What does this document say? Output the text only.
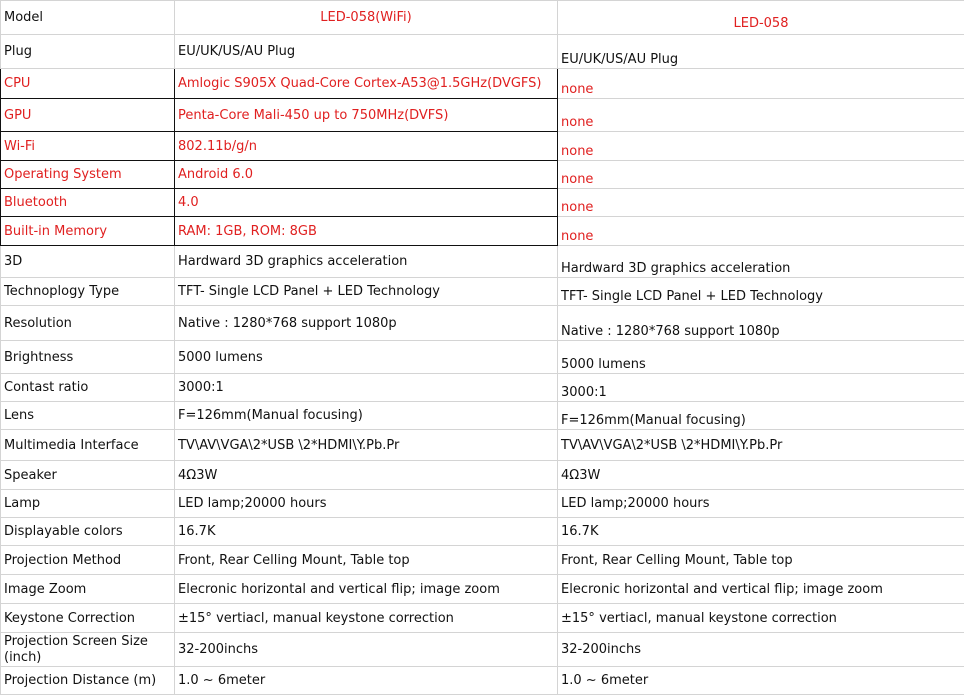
Model	LED-058(WiFi)	LED-058
Plug	EU/UK/US/AU Plug	EU/UK/US/AU Plug
CPU	Amlogic S905X Quad-Core Cortex-A53@1.5GHz(DVGFS)	none
GPU	Penta-Core Mali-450 up to 750MHz(DVFS)	none
Wi-Fi	802.11b/g/n	none
Operating System	Android 6.0	none
Bluetooth	4.0	none
Built-in Memory	RAM: 1GB, ROM: 8GB	none
3D	Hardward 3D graphics acceleration	Hardward 3D graphics acceleration
Technoplogy Type	TFT- Single LCD Panel + LED Technology	TFT- Single LCD Panel + LED Technology
Resolution	Native : 1280*768 support 1080p	Native : 1280*768 support 1080p
Brightness	5000 lumens	5000 lumens
Contast ratio	3000:1	3000:1
Lens	F=126mm(Manual focusing)	F=126mm(Manual focusing)
Multimedia Interface	TV\AV\VGA\2*USB \2*HDMI\Y.Pb.Pr	TV\AV\VGA\2*USB \2*HDMI\Y.Pb.Pr
Speaker	4Ω3W	4Ω3W
Lamp	LED lamp;20000 hours	LED lamp;20000 hours
Displayable colors	16.7K	16.7K
Projection Method	Front, Rear Celling Mount, Table top	Front, Rear Celling Mount, Table top
Image Zoom	Elecronic horizontal and vertical flip; image zoom	Elecronic horizontal and vertical flip; image zoom
Keystone Correction	±15° vertiacl, manual keystone correction	±15° vertiacl, manual keystone correction

Projection Screen Size (inch)	32-200inchs	32-200inchs
Projection Distance (m)	1.0 ~ 6meter	1.0 ~ 6meter
